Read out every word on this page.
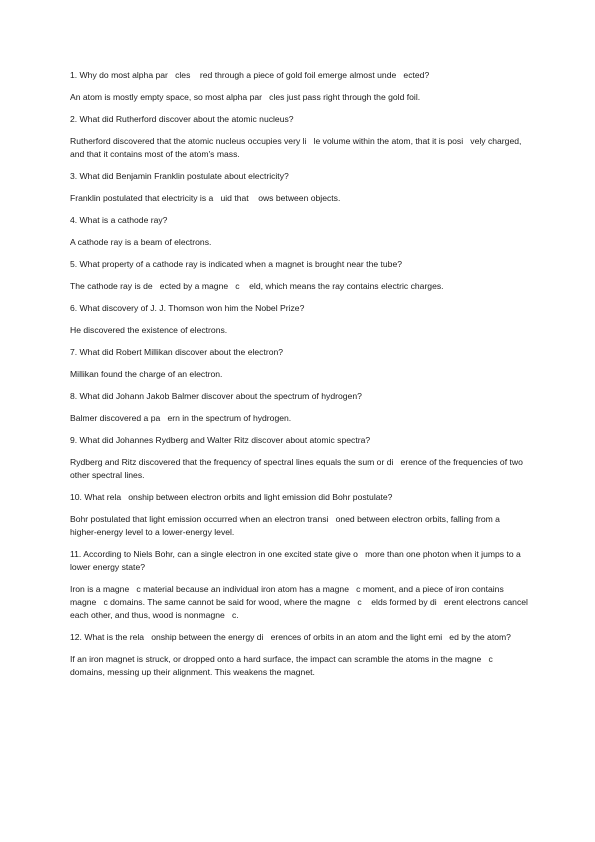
1. Why do most alpha par   cles    red through a piece of gold foil emerge almost unde   ected?

An atom is mostly empty space, so most alpha par   cles just pass right through the gold foil.

2. What did Rutherford discover about the atomic nucleus?

Rutherford discovered that the atomic nucleus occupies very li   le volume within the atom, that it is posi   vely charged, and that it contains most of the atom's mass.

3. What did Benjamin Franklin postulate about electricity?

Franklin postulated that electricity is a   uid that    ows between objects.

4. What is a cathode ray?

A cathode ray is a beam of electrons.

5. What property of a cathode ray is indicated when a magnet is brought near the tube?

The cathode ray is de   ected by a magne   c    eld, which means the ray contains electric charges.

6. What discovery of J. J. Thomson won him the Nobel Prize?

He discovered the existence of electrons.

7. What did Robert Millikan discover about the electron?

Millikan found the charge of an electron.

8. What did Johann Jakob Balmer discover about the spectrum of hydrogen?

Balmer discovered a pa   ern in the spectrum of hydrogen.

9. What did Johannes Rydberg and Walter Ritz discover about atomic spectra?

Rydberg and Ritz discovered that the frequency of spectral lines equals the sum or di   erence of the frequencies of two other spectral lines.

10. What rela   onship between electron orbits and light emission did Bohr postulate?

Bohr postulated that light emission occurred when an electron transi   oned between electron orbits, falling from a higher-energy level to a lower-energy level.

11. According to Niels Bohr, can a single electron in one excited state give o   more than one photon when it jumps to a lower energy state?

Iron is a magne   c material because an individual iron atom has a magne   c moment, and a piece of iron contains magne   c domains. The same cannot be said for wood, where the magne   c    elds formed by di   erent electrons cancel each other, and thus, wood is nonmagne   c.

12. What is the rela   onship between the energy di   erences of orbits in an atom and the light emi   ed by the atom?

If an iron magnet is struck, or dropped onto a hard surface, the impact can scramble the atoms in the magne   c domains, messing up their alignment. This weakens the magnet.
